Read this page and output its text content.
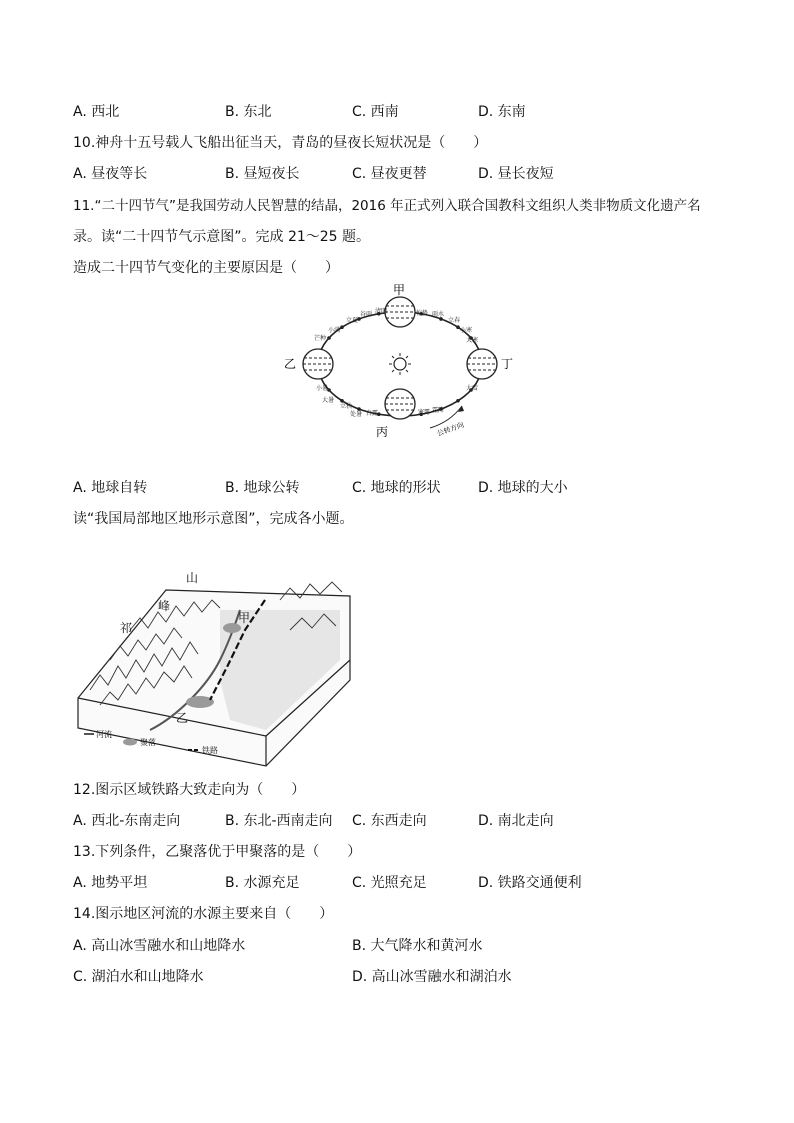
A. 西北	B. 东北	C. 西南	D. 东南
10.神舟十五号载人飞船出征当天，青岛的昼夜长短状况是（　　）
A. 昼夜等长	B. 昼短夜长	C. 昼夜更替	D. 昼长夜短
11.“二十四节气”是我国劳动人民智慧的结晶，2016 年正式列入联合国教科文组织人类非物质文化遗产名
录。读“二十四节气示意图”。完成 21～25 题。
造成二十四节气变化的主要原因是（　　）
甲
乙
丙
丁
立夏
谷雨 清明	惊蛰 雨水
立春
小寒
芒种
小满
大寒
小暑
大暑
立秋
处暑 白露	寒露 霜降
大雪
公转方向
A. 地球自转	B. 地球公转	C. 地球的形状	D. 地球的大小
读“我国局部地区地形示意图”，完成各小题。
山
峰
祁
甲
乙
河流
聚落
铁路
12.图示区域铁路大致走向为（　　）
A. 西北-东南走向	B. 东北-西南走向 C. 东西走向	D. 南北走向
13.下列条件，乙聚落优于甲聚落的是（　　）
A. 地势平坦	B. 水源充足	C. 光照充足	D. 铁路交通便利
14.图示地区河流的水源主要来自（　　）
A. 高山冰雪融水和山地降水	B. 大气降水和黄河水
C. 湖泊水和山地降水	D. 高山冰雪融水和湖泊水
